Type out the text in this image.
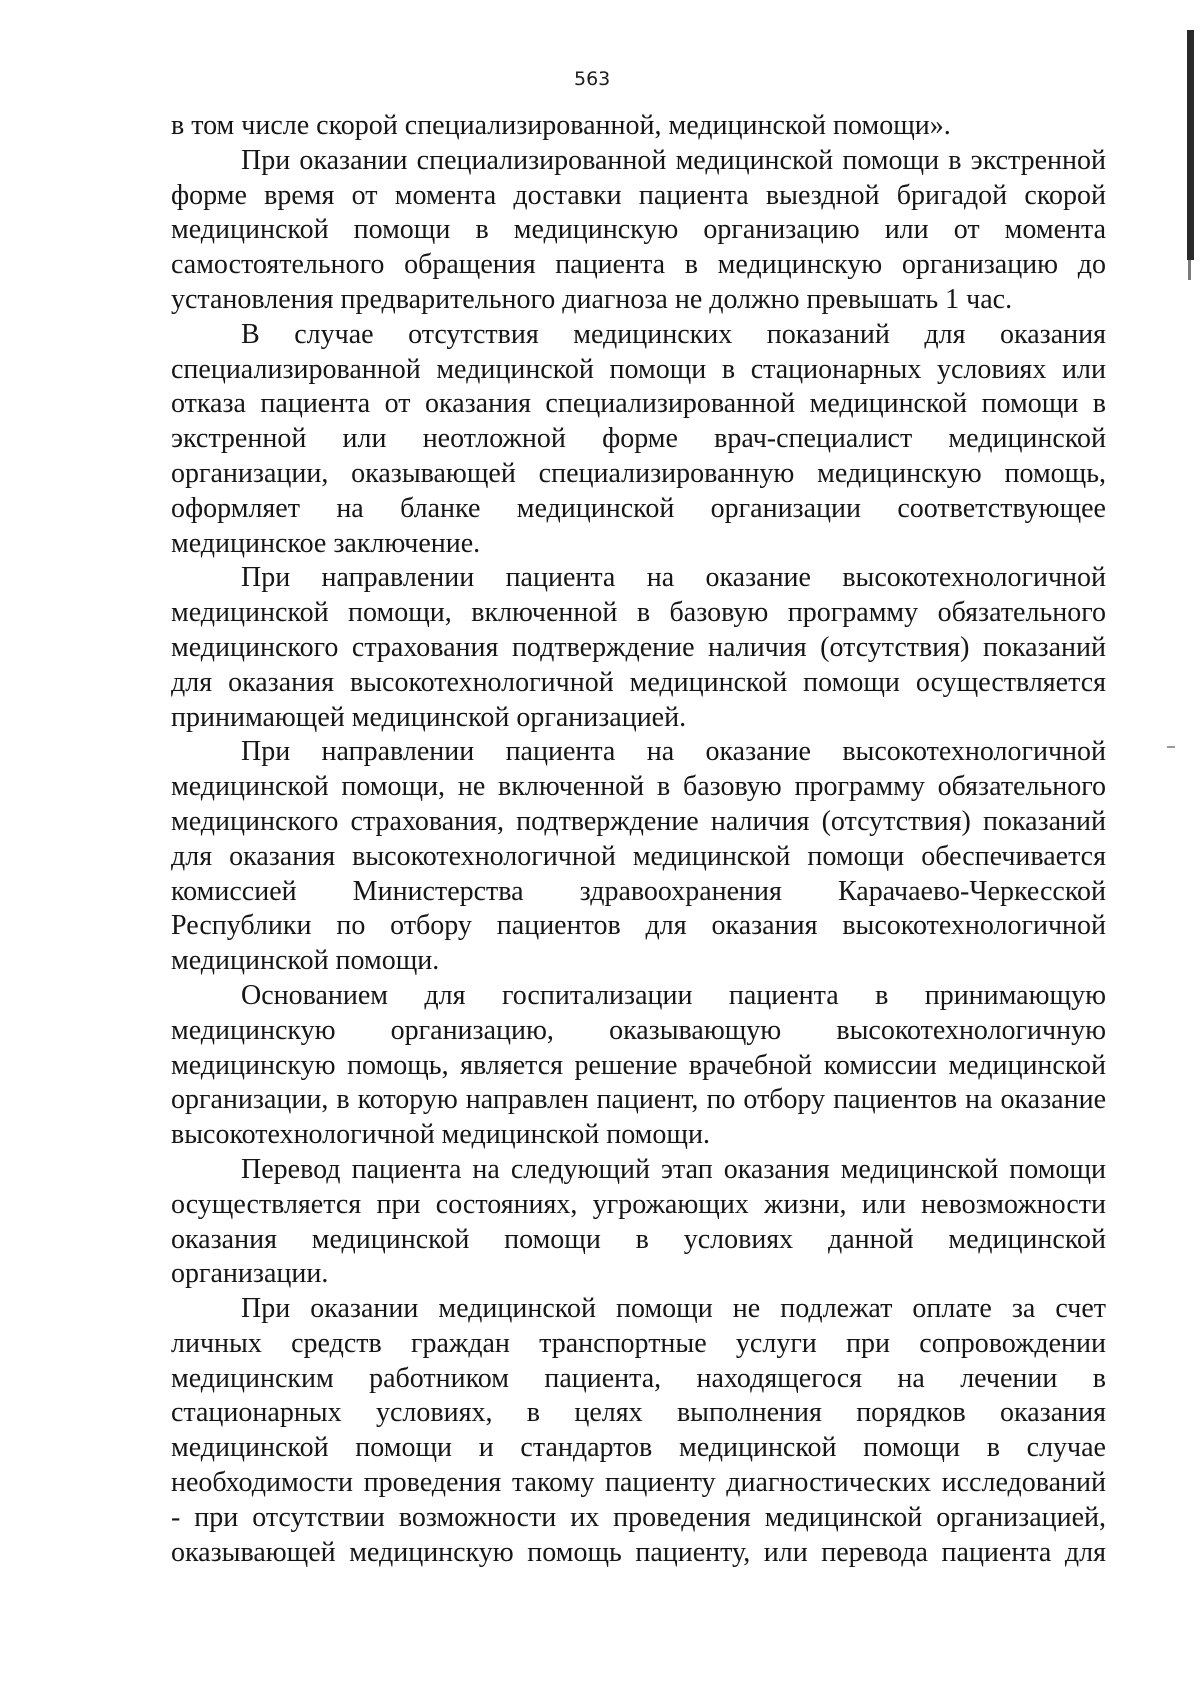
563
в том числе скорой специализированной, медицинской помощи».
При оказании специализированной медицинской помощи в экстренной
форме время от момента доставки пациента выездной бригадой скорой
медицинской помощи в медицинскую организацию или от момента
самостоятельного обращения пациента в медицинскую организацию до
установления предварительного диагноза не должно превышать 1 час.
В случае отсутствия медицинских показаний для оказания
специализированной медицинской помощи в стационарных условиях или
отказа пациента от оказания специализированной медицинской помощи в
экстренной или неотложной форме врач-специалист медицинской
организации, оказывающей специализированную медицинскую помощь,
оформляет на бланке медицинской организации соответствующее
медицинское заключение.
При направлении пациента на оказание высокотехнологичной
медицинской помощи, включенной в базовую программу обязательного
медицинского страхования подтверждение наличия (отсутствия) показаний
для оказания высокотехнологичной медицинской помощи осуществляется
принимающей медицинской организацией.
При направлении пациента на оказание высокотехнологичной
медицинской помощи, не включенной в базовую программу обязательного
медицинского страхования, подтверждение наличия (отсутствия) показаний
для оказания высокотехнологичной медицинской помощи обеспечивается
комиссией Министерства здравоохранения Карачаево-Черкесской
Республики по отбору пациентов для оказания высокотехнологичной
медицинской помощи.
Основанием для госпитализации пациента в принимающую
медицинскую организацию, оказывающую высокотехнологичную
медицинскую помощь, является решение врачебной комиссии медицинской
организации, в которую направлен пациент, по отбору пациентов на оказание
высокотехнологичной медицинской помощи.
Перевод пациента на следующий этап оказания медицинской помощи
осуществляется при состояниях, угрожающих жизни, или невозможности
оказания медицинской помощи в условиях данной медицинской
организации.
При оказании медицинской помощи не подлежат оплате за счет
личных средств граждан транспортные услуги при сопровождении
медицинским работником пациента, находящегося на лечении в
стационарных условиях, в целях выполнения порядков оказания
медицинской помощи и стандартов медицинской помощи в случае
необходимости проведения такому пациенту диагностических исследований
- при отсутствии возможности их проведения медицинской организацией,
оказывающей медицинскую помощь пациенту, или перевода пациента для
